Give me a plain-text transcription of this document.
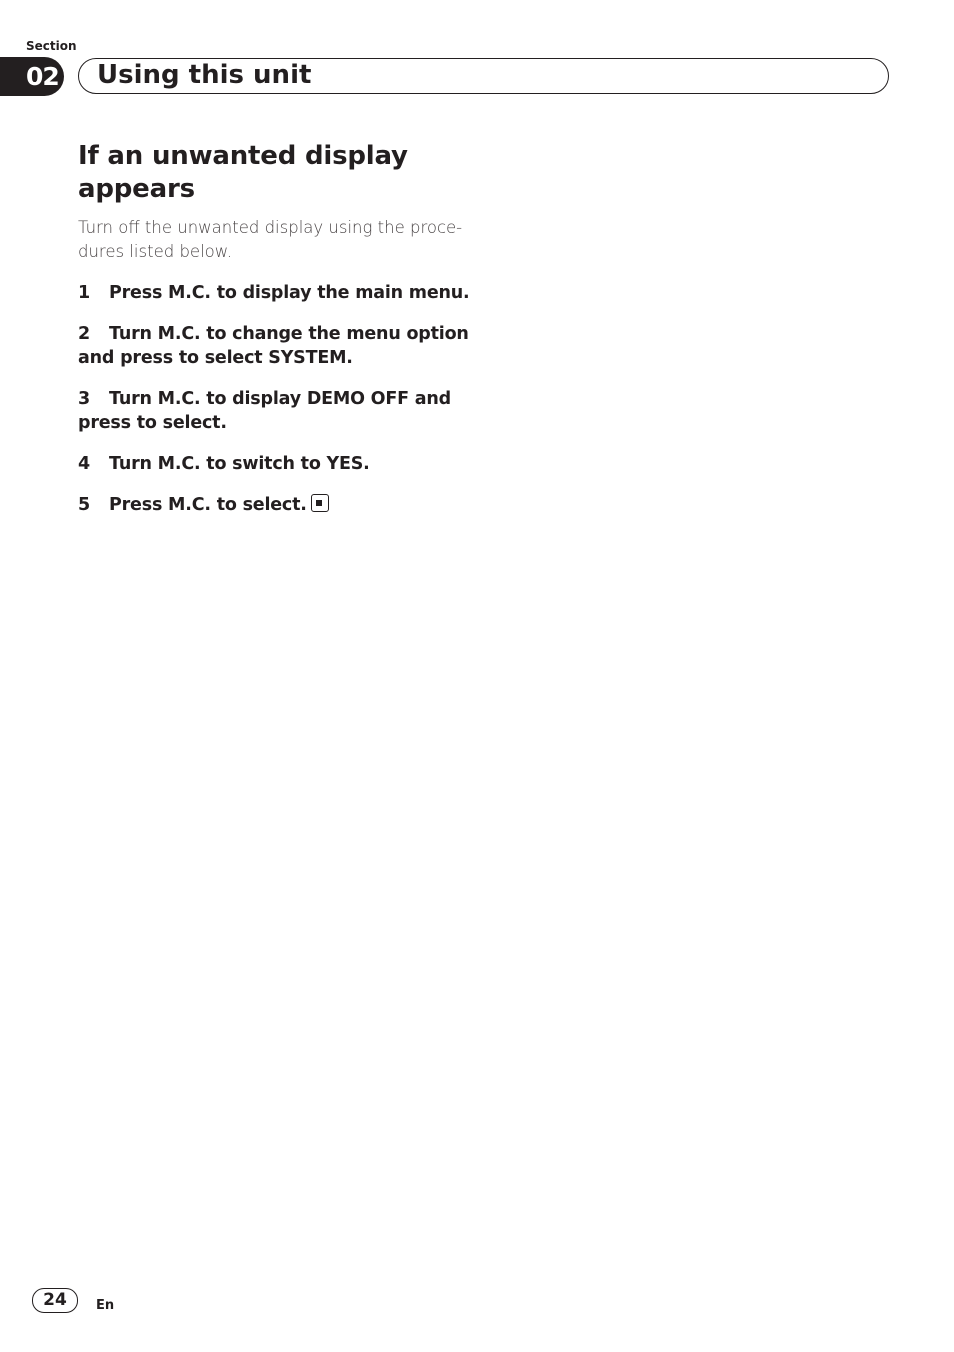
Section
02 Using this unit
If an unwanted display
appears

Turn off the unwanted display using the proce-dures listed below.

1 Press M.C. to display the main menu.
2 Turn M.C. to change the menu option and press to select SYSTEM.
3 Turn M.C. to display DEMO OFF and press to select.
4 Turn M.C. to switch to YES.
5 Press M.C. to select.
24	En
